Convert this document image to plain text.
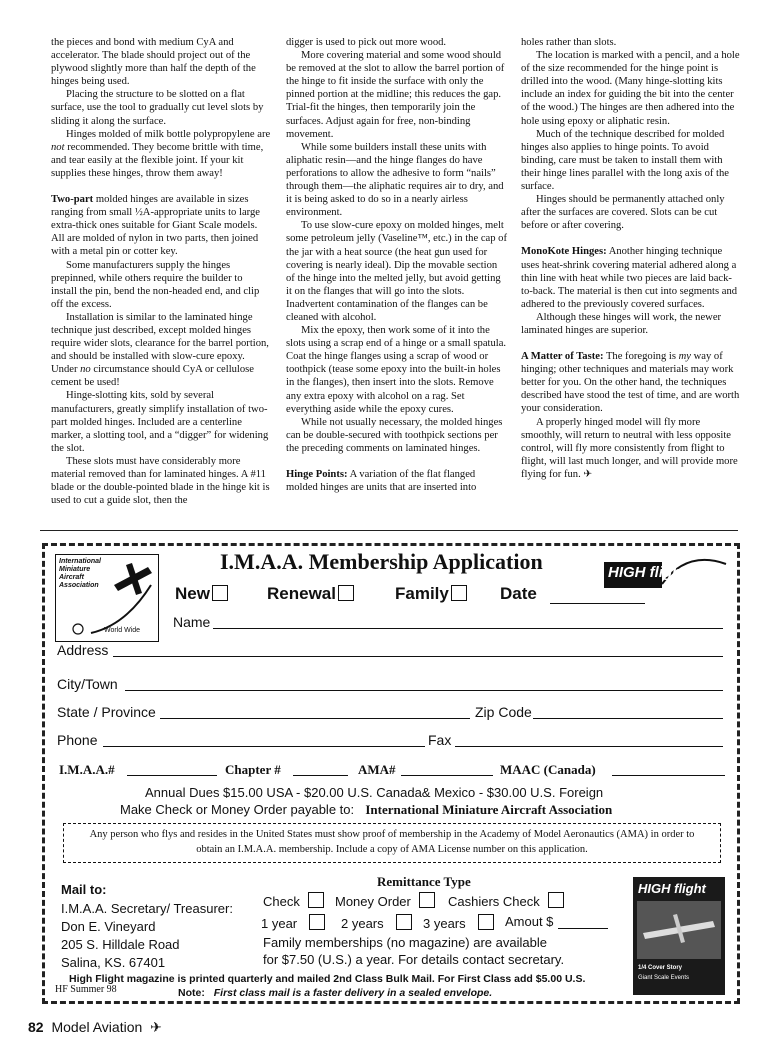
the pieces and bond with medium CyA and accelerator. The blade should project out of the plywood slightly more than half the depth of the hinges being used.

Placing the structure to be slotted on a flat surface, use the tool to gradually cut level slots by sliding it along the surface.

Hinges molded of milk bottle polypropylene are not recommended. They become brittle with time, and tear easily at the flexible joint. If your kit supplies these hinges, throw them away!

Two-part molded hinges are available in sizes ranging from small ½A-appropriate units to large extra-thick ones suitable for Giant Scale models. All are molded of nylon in two parts, then joined with a metal pin or cotter key.

Some manufacturers supply the hinges prepinned, while others require the builder to install the pin, bend the non-headed end, and clip off the excess.

Installation is similar to the laminated hinge technique just described, except molded hinges require wider slots, clearance for the barrel portion, and should be installed with slow-cure epoxy. Under no circumstance should CyA or cellulose cement be used!

Hinge-slotting kits, sold by several manufacturers, greatly simplify installation of two-part molded hinges. Included are a centerline marker, a slotting tool, and a “digger” for widening the slot.

These slots must have considerably more material removed than for laminated hinges. A #11 blade or the double-pointed blade in the hinge kit is used to cut a guide slot, then the

digger is used to pick out more wood.

More covering material and some wood should be removed at the slot to allow the barrel portion of the hinge to fit inside the surface with only the pinned portion at the midline; this reduces the gap. Trial-fit the hinges, then temporarily join the surfaces. Adjust again for free, non-binding movement.

While some builders install these units with aliphatic resin—and the hinge flanges do have perforations to allow the adhesive to form “nails” through them—the aliphatic requires air to dry, and it is being asked to do so in a nearly airless environment.

To use slow-cure epoxy on molded hinges, melt some petroleum jelly (Vaseline™, etc.) in the cap of the jar with a heat source (the heat gun used for covering is nearly ideal). Dip the movable section of the hinge into the melted jelly, but avoid getting it on the flanges that will go into the slots. Inadvertent contamination of the flanges can be cleaned with alcohol.

Mix the epoxy, then work some of it into the slots using a scrap end of a hinge or a small spatula. Coat the hinge flanges using a scrap of wood or toothpick (tease some epoxy into the built-in holes in the flanges), then insert into the slots. Remove any extra epoxy with alcohol on a rag. Set everything aside while the epoxy cures.

While not usually necessary, the molded hinges can be double-secured with toothpick sections per the preceding comments on laminated hinges.

Hinge Points: A variation of the flat flanged molded hinges are units that are inserted into

holes rather than slots.

The location is marked with a pencil, and a hole of the size recommended for the hinge point is drilled into the wood. (Many hinge-slotting kits include an index for guiding the bit into the center of the wood.) The hinges are then adhered into the hole using epoxy or aliphatic resin.

Much of the technique described for molded hinges also applies to hinge points. To avoid binding, care must be taken to install them with their hinge lines parallel with the long axis of the surface.

Hinges should be permanently attached only after the surfaces are covered. Slots can be cut before or after covering.

MonoKote Hinges: Another hinging technique uses heat-shrink covering material adhered along a thin line with heat while two pieces are laid back-to-back. The material is then cut into segments and adhered to the previously covered surfaces.

Although these hinges will work, the newer laminated hinges are superior.

A Matter of Taste: The foregoing is my way of hinging; other techniques and materials may work better for you. On the other hand, the techniques described have stood the test of time, and are worth your consideration.

A properly hinged model will fly more smoothly, will return to neutral with less opposite control, will fly more consistently from flight to flight, will last much longer, and will provide more flying for fun. ✈

International Miniature Aircraft Association
World Wide
I.M.A.A. Membership Application	HIGH flight
New	Renewal	Family	Date
Name
Address
City/Town
State / Province	Zip Code
Phone	Fax
I.M.A.A.#	Chapter #	AMA#	MAAC (Canada)
Annual Dues $15.00 USA - $20.00 U.S. Canada& Mexico - $30.00 U.S. Foreign
Make Check or Money Order payable to: International Miniature Aircraft Association
Any person who flys and resides in the United States must show proof of membership in the Academy of Model Aeronautics (AMA) in order to obtain an I.M.A.A. membership. Include a copy of AMA License number on this application.
Mail to:
I.M.A.A. Secretary/ Treasurer:
Don E. Vineyard
205 S. Hilldale Road
Salina, KS. 67401
Remittance Type
Check	Money Order	Cashiers Check
1 year	2 years	3 years	Amout $
Family memberships (no magazine) are available
for $7.50 (U.S.) a year. For details contact secretary.
HIGH flight
1/4 Cover Story
Giant Scale Events
High Flight magazine is printed quarterly and mailed 2nd Class Bulk Mail. For First Class add $5.00 U.S.
Note: First class mail is a faster delivery in a sealed envelope.
HF Summer 98
82 Model Aviation ✈
